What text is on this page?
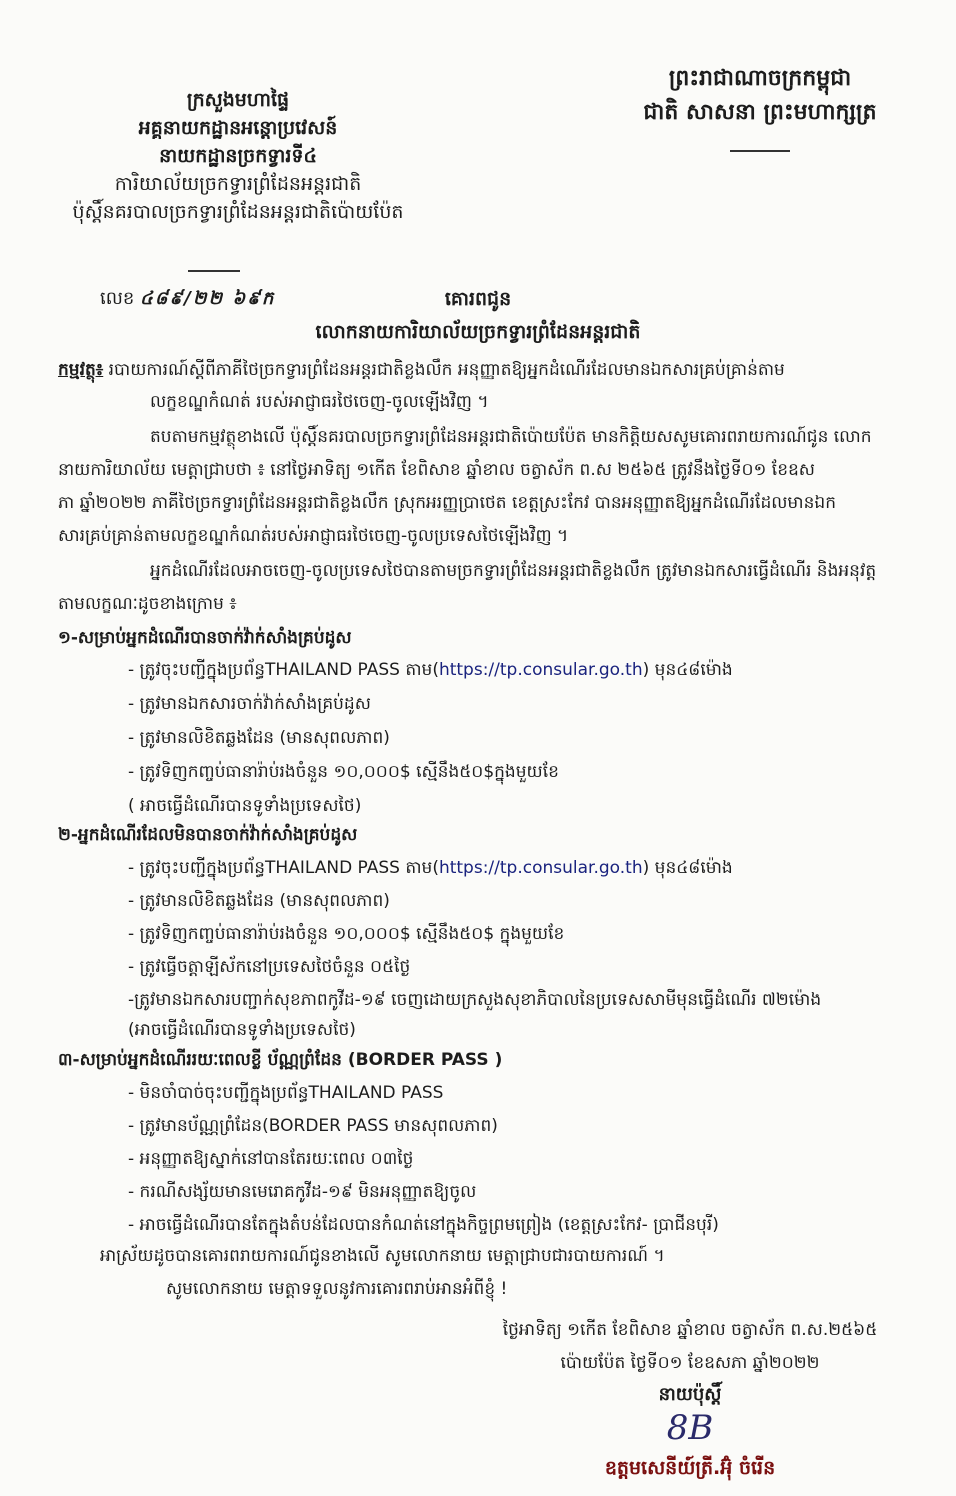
ក្រសួងមហាផ្ទៃ
អគ្គនាយកដ្ឋានអន្តោប្រវេសន៍
នាយកដ្ឋានច្រកទ្វារទី៤
ការិយាល័យច្រកទ្វារព្រំដែនអន្តរជាតិ
ប៉ុស្តិ៍នគរបាលច្រកទ្វារព្រំដែនអន្តរជាតិប៉ោយប៉ែត
ព្រះរាជាណាចក្រកម្ពុជា
ជាតិ សាសនា ព្រះមហាក្សត្រ
លេខ ៤៨៩/២២ ៦៩ក	គោរពជូន
លោកនាយការិយាល័យច្រកទ្វារព្រំដែនអន្តរជាតិ
កម្មវត្ថុ៖ របាយការណ៍ស្តីពីភាគីថៃច្រកទ្វារព្រំដែនអន្តរជាតិខ្លងលឹក អនុញ្ញាតឱ្យអ្នកដំណើរដែលមានឯកសារគ្រប់គ្រាន់តាម
លក្ខខណ្ឌកំណត់ របស់អាជ្ញាធរថៃចេញ-ចូលឡើងវិញ ។
តបតាមកម្មវត្ថុខាងលើ ប៉ុស្តិ៍នគរបាលច្រកទ្វារព្រំដែនអន្តរជាតិប៉ោយប៉ែត មានកិត្តិយសសូមគោរពរាយការណ៍ជូន លោក
នាយការិយាល័យ មេត្តាជ្រាបថា ៖ នៅថ្ងៃអាទិត្យ ១កើត ខែពិសាខ ឆ្នាំខាល ចត្វាស័ក ព.ស ២៥៦៥ ត្រូវនឹងថ្ងៃទី០១ ខែឧស
ភា ឆ្នាំ២០២២ ភាគីថៃច្រកទ្វារព្រំដែនអន្តរជាតិខ្លងលឹក ស្រុកអរញ្ញប្រាថេត ខេត្តស្រះកែវ បានអនុញ្ញាតឱ្យអ្នកដំណើរដែលមានឯក
សារគ្រប់គ្រាន់តាមលក្ខខណ្ឌកំណត់របស់អាជ្ញាធរថៃចេញ-ចូលប្រទេសថៃឡើងវិញ ។
អ្នកដំណើរដែលអាចចេញ-ចូលប្រទេសថៃបានតាមច្រកទ្វារព្រំដែនអន្តរជាតិខ្លងលឹក ត្រូវមានឯកសារធ្វើដំណើរ និងអនុវត្ត
តាមលក្ខណៈដូចខាងក្រោម ៖
១-សម្រាប់អ្នកដំណើរបានចាក់វ៉ាក់សាំងគ្រប់ដូស
- ត្រូវចុះបញ្ជីក្នុងប្រព័ន្ធTHAILAND PASS តាម(https://tp.consular.go.th) មុន៤៨ម៉ោង
- ត្រូវមានឯកសារចាក់វ៉ាក់សាំងគ្រប់ដូស
- ត្រូវមានលិខិតឆ្លងដែន (មានសុពលភាព)
- ត្រូវទិញកញ្ចប់ធានារ៉ាប់រងចំនួន ១០,០០០$ ស្មើនឹង៥០$ក្នុងមួយខែ
( អាចធ្វើដំណើរបានទូទាំងប្រទេសថៃ)
២-អ្នកដំណើរដែលមិនបានចាក់វ៉ាក់សាំងគ្រប់ដូស
- ត្រូវចុះបញ្ជីក្នុងប្រព័ន្ធTHAILAND PASS តាម(https://tp.consular.go.th) មុន៤៨ម៉ោង
- ត្រូវមានលិខិតឆ្លងដែន (មានសុពលភាព)
- ត្រូវទិញកញ្ចប់ធានារ៉ាប់រងចំនួន ១០,០០០$ ស្មើនឹង៥០$ ក្នុងមួយខែ
- ត្រូវធ្វើចត្តាឡីស័កនៅប្រទេសថៃចំនួន ០៥ថ្ងៃ
-ត្រូវមានឯកសារបញ្ជាក់សុខភាពកូវីដ-១៩ ចេញដោយក្រសួងសុខាភិបាលនៃប្រទេសសាមីមុនធ្វើដំណើរ ៧២ម៉ោង
(អាចធ្វើដំណើរបានទូទាំងប្រទេសថៃ)
៣-សម្រាប់អ្នកដំណើររយៈពេលខ្លី ប័ណ្ណព្រំដែន (BORDER PASS )
- មិនចាំបាច់ចុះបញ្ជីក្នុងប្រព័ន្ធTHAILAND PASS
- ត្រូវមានប័ណ្ណព្រំដែន(BORDER PASS មានសុពលភាព)
- អនុញ្ញាតឱ្យស្នាក់នៅបានតែរយៈពេល ០៣ថ្ងៃ
- ករណីសង្ស័យមានមេរោគកូវីដ-១៩ មិនអនុញ្ញាតឱ្យចូល
- អាចធ្វើដំណើរបានតែក្នុងតំបន់ដែលបានកំណត់នៅក្នុងកិច្ចព្រមព្រៀង (ខេត្តស្រះកែវ- ប្រាជីនបុរី)
អាស្រ័យដូចបានគោរពរាយការណ៍ជូនខាងលើ សូមលោកនាយ មេត្តាជ្រាបជារបាយការណ៍ ។
សូមលោកនាយ មេត្តាទទួលនូវការគោរពរាប់អានអំពីខ្ញុំ !
ថ្ងៃអាទិត្យ ១កើត ខែពិសាខ ឆ្នាំខាល ចត្វាស័ក ព.ស.២៥៦៥
ប៉ោយប៉ែត ថ្ងៃទី០១ ខែឧសភា ឆ្នាំ២០២២
នាយប៉ុស្តិ៍
8B
ឧត្តមសេនីយ៍ត្រី.អ៊ុំ ចំរើន
